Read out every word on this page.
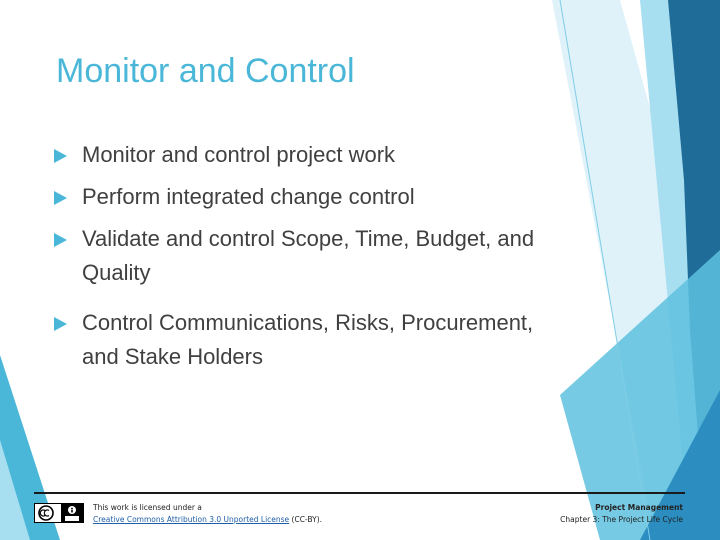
Monitor and Control
Monitor and control project work
Perform integrated change control
Validate and control Scope, Time, Budget, and Quality
Control Communications, Risks, Procurement, and Stake Holders
This work is licensed under a
Creative Commons Attribution 3.0 Unported License (CC-BY).
Project Management
Chapter 3: The Project Life Cycle
